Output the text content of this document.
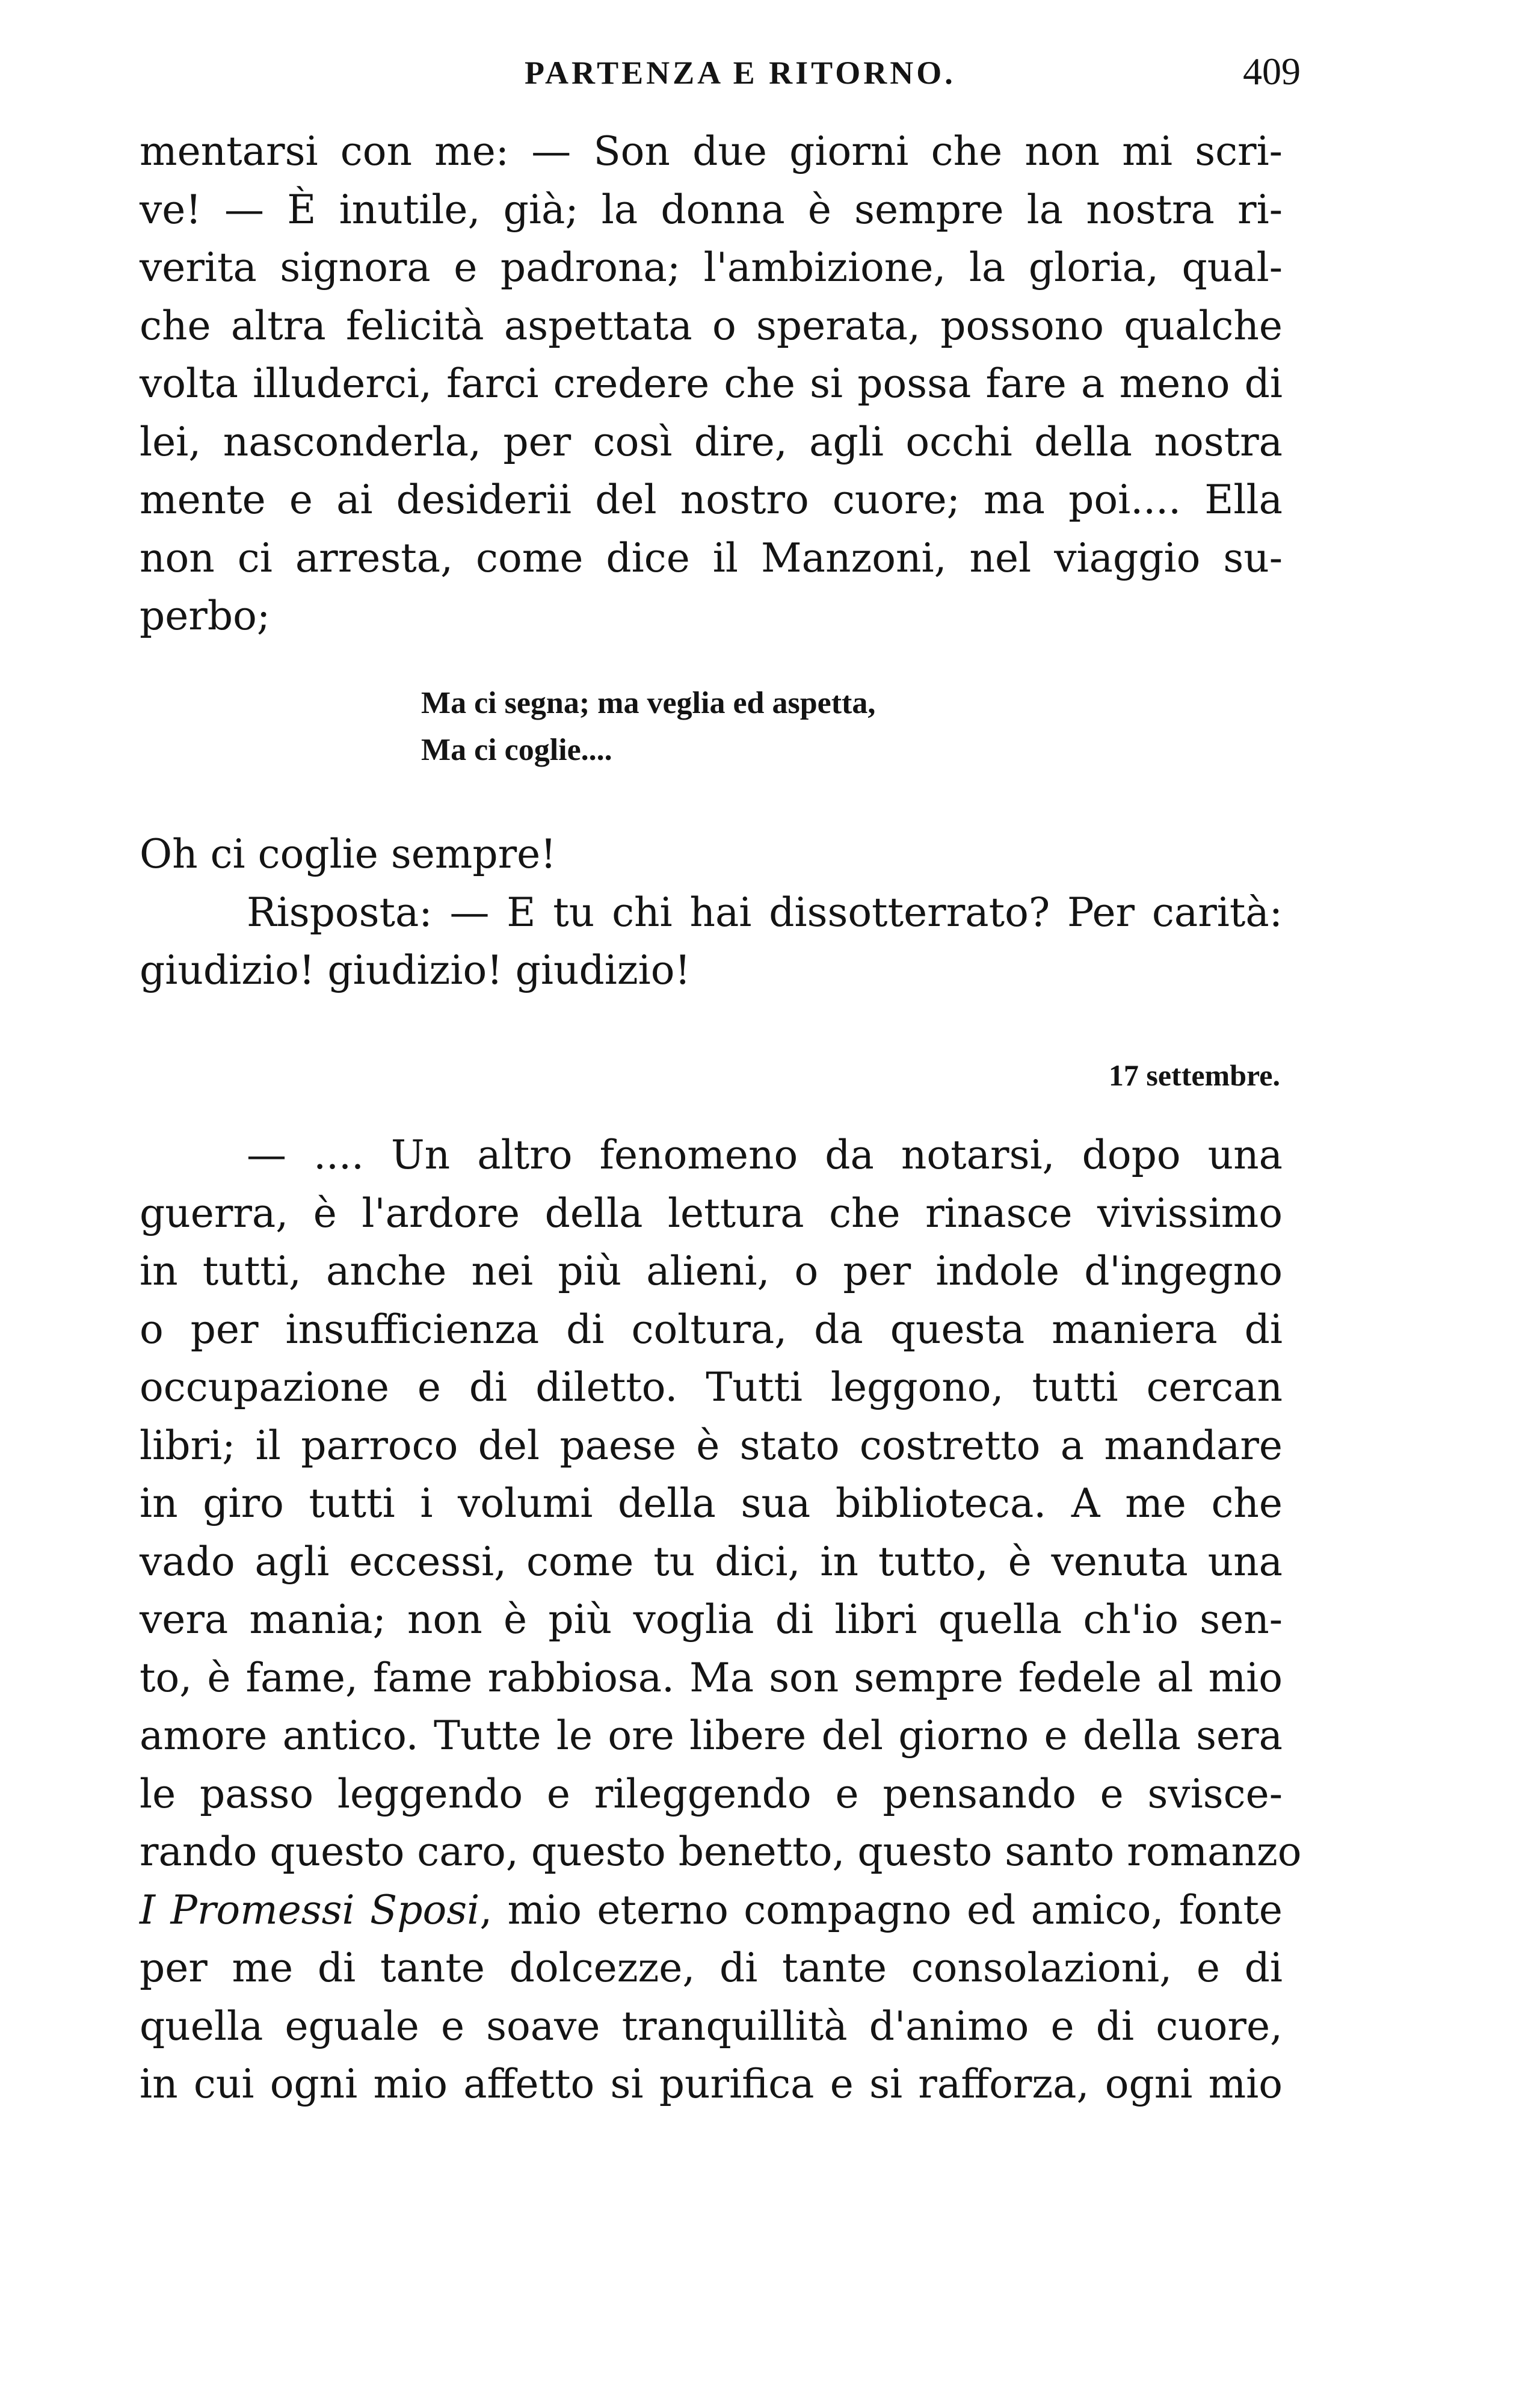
PARTENZA E RITORNO.	409
mentarsi con me: — Son due giorni che non mi scri-
ve! — È inutile, già; la donna è sempre la nostra ri-
verita signora e padrona; l'ambizione, la gloria, qual-
che altra felicità aspettata o sperata, possono qualche
volta illuderci, farci credere che si possa fare a meno di
lei, nasconderla, per così dire, agli occhi della nostra
mente e ai desiderii del nostro cuore; ma poi.... Ella
non ci arresta, come dice il Manzoni, nel viaggio su-
perbo;
Ma ci segna; ma veglia ed aspetta,
Ma ci coglie....
Oh ci coglie sempre!
Risposta: — E tu chi hai dissotterrato? Per carità:
giudizio! giudizio! giudizio!
17 settembre.
— .... Un altro fenomeno da notarsi, dopo una
guerra, è l'ardore della lettura che rinasce vivissimo
in tutti, anche nei più alieni, o per indole d'ingegno
o per insufficienza di coltura, da questa maniera di
occupazione e di diletto. Tutti leggono, tutti cercan
libri; il parroco del paese è stato costretto a mandare
in giro tutti i volumi della sua biblioteca. A me che
vado agli eccessi, come tu dici, in tutto, è venuta una
vera mania; non è più voglia di libri quella ch'io sen-
to, è fame, fame rabbiosa. Ma son sempre fedele al mio
amore antico. Tutte le ore libere del giorno e della sera
le passo leggendo e rileggendo e pensando e svisce-
rando questo caro, questo benetto, questo santo romanzo
I Promessi Sposi, mio eterno compagno ed amico, fonte
per me di tante dolcezze, di tante consolazioni, e di
quella eguale e soave tranquillità d'animo e di cuore,
in cui ogni mio affetto si purifica e si rafforza, ogni mio
